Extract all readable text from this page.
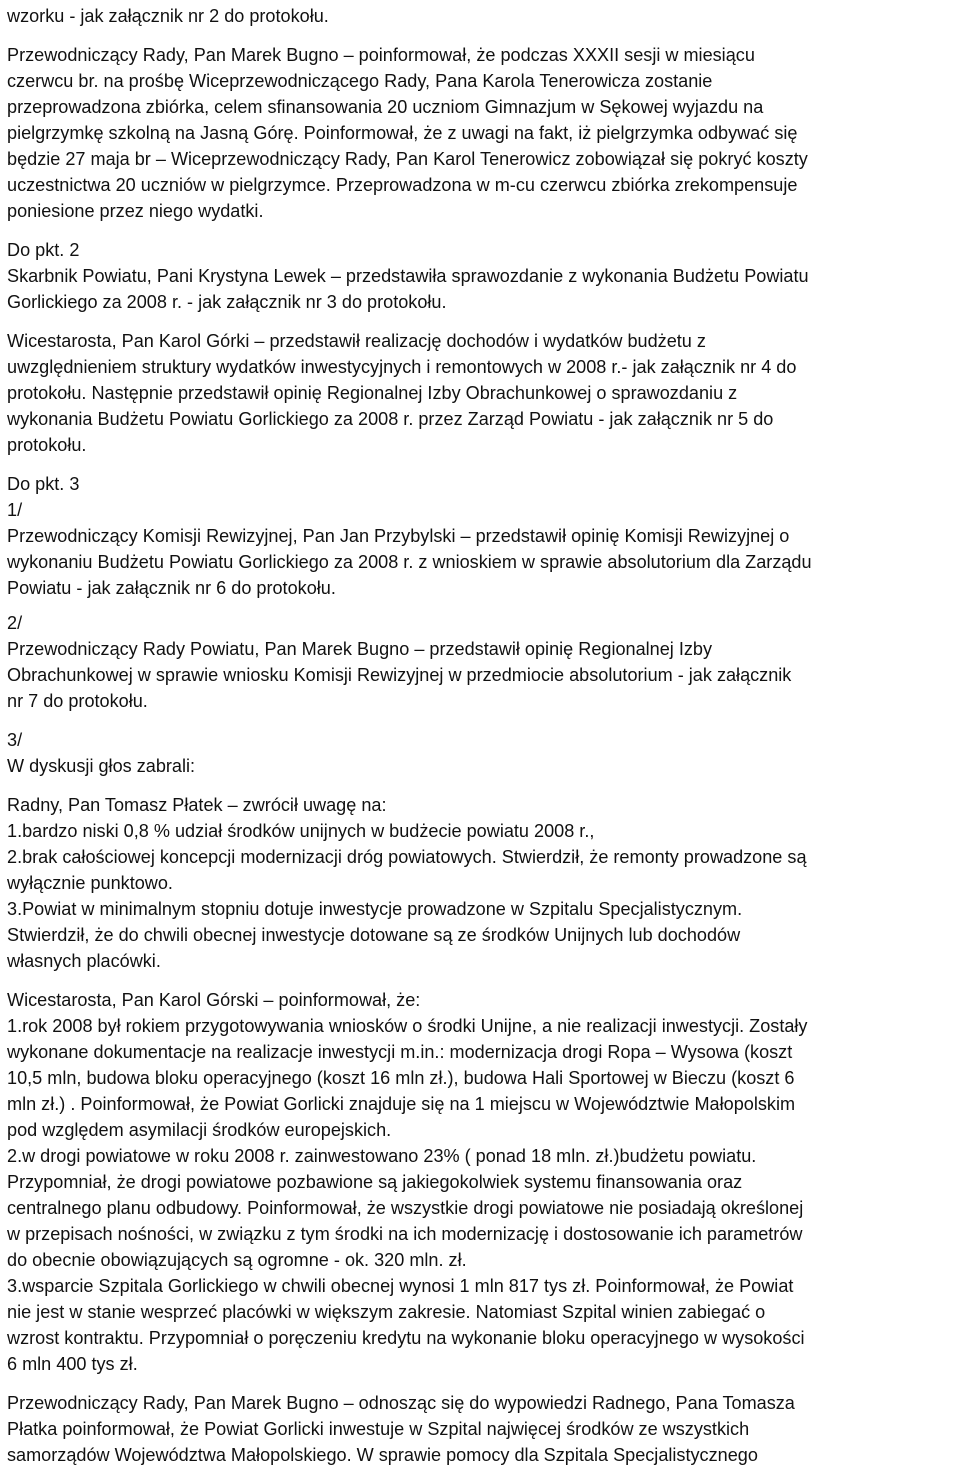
wzorku - jak załącznik nr 2 do protokołu.
Przewodniczący Rady, Pan Marek Bugno – poinformował, że podczas XXXII sesji w miesiącu
czerwcu br. na prośbę Wiceprzewodniczącego Rady, Pana Karola Tenerowicza zostanie
przeprowadzona zbiórka, celem sfinansowania 20 uczniom Gimnazjum w Sękowej wyjazdu na
pielgrzymkę szkolną na Jasną Górę. Poinformował, że z uwagi na fakt, iż pielgrzymka odbywać się
będzie 27 maja br – Wiceprzewodniczący Rady, Pan Karol Tenerowicz zobowiązał się pokryć koszty
uczestnictwa 20 uczniów w pielgrzymce. Przeprowadzona w m-cu czerwcu zbiórka zrekompensuje
poniesione przez niego wydatki.
Do pkt. 2
Skarbnik Powiatu, Pani Krystyna Lewek – przedstawiła sprawozdanie z wykonania Budżetu Powiatu
Gorlickiego za 2008 r. - jak załącznik nr 3 do protokołu.
Wicestarosta, Pan Karol Górki – przedstawił realizację dochodów i wydatków budżetu z
uwzględnieniem struktury wydatków inwestycyjnych i remontowych w 2008 r.- jak załącznik nr 4 do
protokołu. Następnie przedstawił opinię Regionalnej Izby Obrachunkowej o sprawozdaniu z
wykonania Budżetu Powiatu Gorlickiego za 2008 r. przez Zarząd Powiatu - jak załącznik nr 5 do
protokołu.
Do pkt. 3
1/
Przewodniczący Komisji Rewizyjnej, Pan Jan Przybylski – przedstawił opinię Komisji Rewizyjnej o
wykonaniu Budżetu Powiatu Gorlickiego za 2008 r. z wnioskiem w sprawie absolutorium dla Zarządu
Powiatu - jak załącznik nr 6 do protokołu.
2/
Przewodniczący Rady Powiatu, Pan Marek Bugno – przedstawił opinię Regionalnej Izby
Obrachunkowej w sprawie wniosku Komisji Rewizyjnej w przedmiocie absolutorium - jak załącznik
nr 7 do protokołu.
3/
W dyskusji głos zabrali:
Radny, Pan Tomasz Płatek – zwrócił uwagę na:
1.bardzo niski 0,8 % udział środków unijnych w budżecie powiatu 2008 r.,
2.brak całościowej koncepcji modernizacji dróg powiatowych. Stwierdził, że remonty prowadzone są
wyłącznie punktowo.
3.Powiat w minimalnym stopniu dotuje inwestycje prowadzone w Szpitalu Specjalistycznym.
Stwierdził, że do chwili obecnej inwestycje dotowane są ze środków Unijnych lub dochodów
własnych placówki.
Wicestarosta, Pan Karol Górski – poinformował, że:
1.rok 2008 był rokiem przygotowywania wniosków o środki Unijne, a nie realizacji inwestycji. Zostały
wykonane dokumentacje na realizacje inwestycji m.in.: modernizacja drogi Ropa – Wysowa (koszt
10,5 mln, budowa bloku operacyjnego (koszt 16 mln zł.), budowa Hali Sportowej w Bieczu (koszt 6
mln zł.) . Poinformował, że Powiat Gorlicki znajduje się na 1 miejscu w Województwie Małopolskim
pod względem asymilacji środków europejskich.
2.w drogi powiatowe w roku 2008 r. zainwestowano 23% ( ponad 18 mln. zł.)budżetu powiatu.
Przypomniał, że drogi powiatowe pozbawione są jakiegokolwiek systemu finansowania oraz
centralnego planu odbudowy. Poinformował, że wszystkie drogi powiatowe nie posiadają określonej
w przepisach nośności, w związku z tym środki na ich modernizację i dostosowanie ich parametrów
do obecnie obowiązujących są ogromne - ok. 320 mln. zł.
3.wsparcie Szpitala Gorlickiego w chwili obecnej wynosi 1 mln 817 tys zł. Poinformował, że Powiat
nie jest w stanie wesprzeć placówki w większym zakresie. Natomiast Szpital winien zabiegać o
wzrost kontraktu. Przypomniał o poręczeniu kredytu na wykonanie bloku operacyjnego w wysokości
6 mln 400 tys zł.
Przewodniczący Rady, Pan Marek Bugno – odnosząc się do wypowiedzi Radnego, Pana Tomasza
Płatka poinformował, że Powiat Gorlicki inwestuje w Szpital najwięcej środków ze wszystkich
samorządów Województwa Małopolskiego. W sprawie pomocy dla Szpitala Specjalistycznego
